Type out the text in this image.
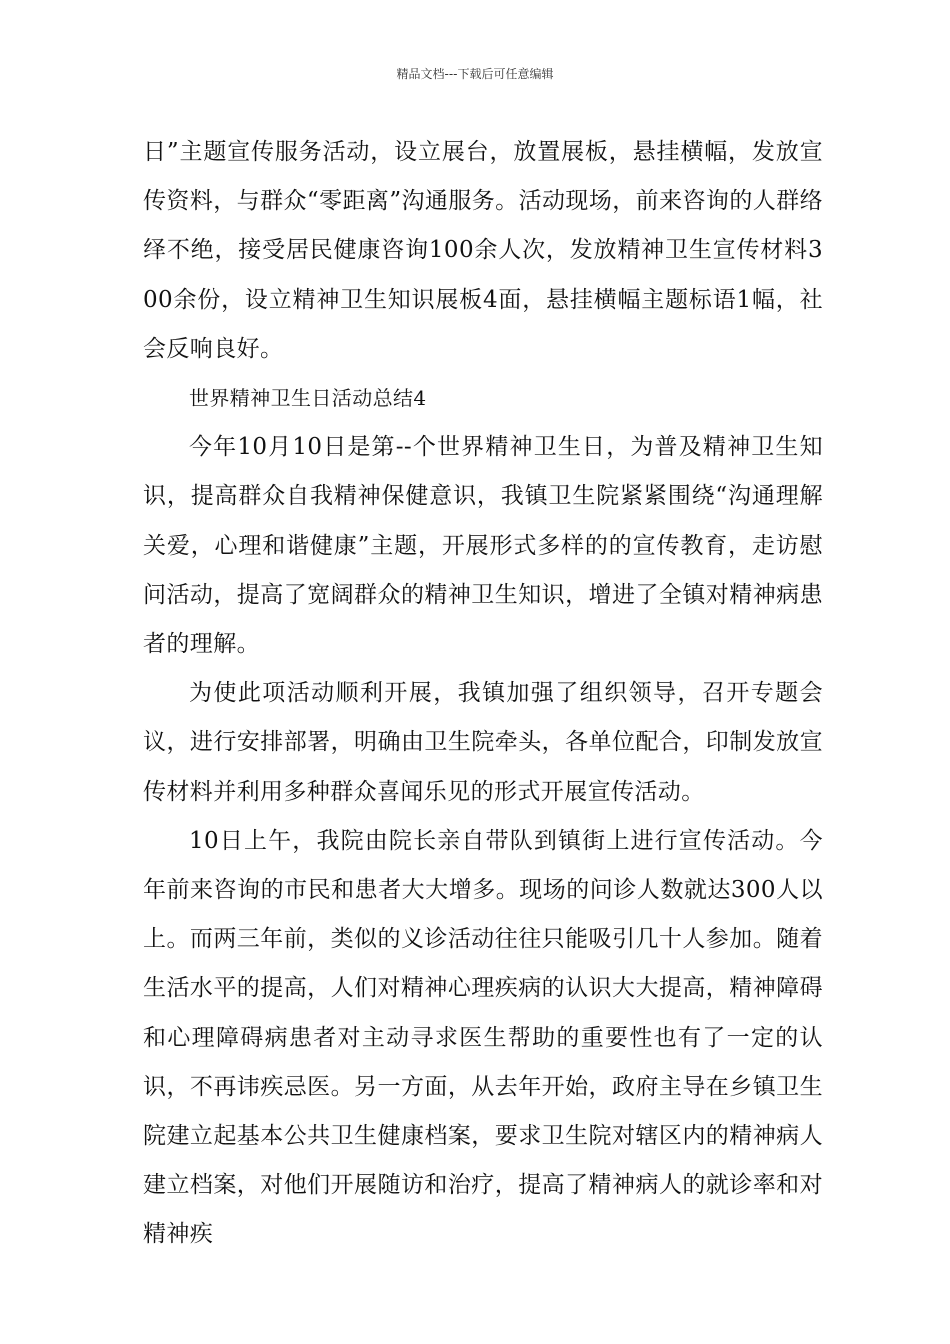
精品文档---下载后可任意编辑

日”主题宣传服务活动，设立展台，放置展板，悬挂横幅，发放宣传资料，与群众“零距离”沟通服务。活动现场，前来咨询的人群络绎不绝，接受居民健康咨询100余人次，发放精神卫生宣传材料300余份，设立精神卫生知识展板4面，悬挂横幅主题标语1幅，社会反响良好。

世界精神卫生日活动总结4

今年10月10日是第--个世界精神卫生日，为普及精神卫生知识，提高群众自我精神保健意识，我镇卫生院紧紧围绕“沟通理解关爱，心理和谐健康”主题，开展形式多样的的宣传教育，走访慰问活动，提高了宽阔群众的精神卫生知识，增进了全镇对精神病患者的理解。

为使此项活动顺利开展，我镇加强了组织领导，召开专题会议，进行安排部署，明确由卫生院牵头，各单位配合，印制发放宣传材料并利用多种群众喜闻乐见的形式开展宣传活动。

10日上午，我院由院长亲自带队到镇街上进行宣传活动。今年前来咨询的市民和患者大大增多。现场的问诊人数就达300人以上。而两三年前，类似的义诊活动往往只能吸引几十人参加。随着生活水平的提高，人们对精神心理疾病的认识大大提高，精神障碍和心理障碍病患者对主动寻求医生帮助的重要性也有了一定的认识，不再讳疾忌医。另一方面，从去年开始，政府主导在乡镇卫生院建立起基本公共卫生健康档案，要求卫生院对辖区内的精神病人建立档案，对他们开展随访和治疗，提高了精神病人的就诊率和对精神疾
